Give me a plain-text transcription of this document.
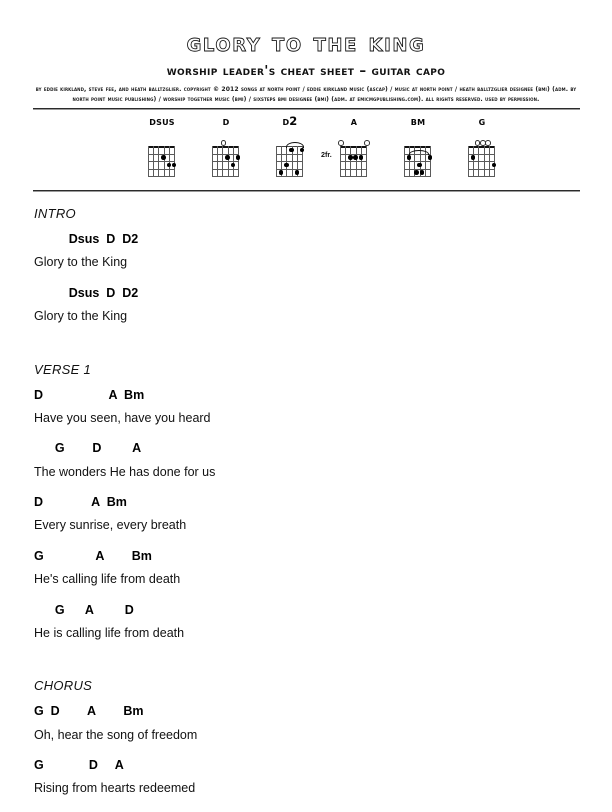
glory to the king
worship leader's cheat sheet – guitar capo
by eddie kirkland, steve fee, and heath balltzglier. copyright © 2012 songs at north point / eddie kirkland music (ascap) / music at north point / heath balltzglier designee (bmi) (adm. by north point music publishing) / worship together music (bmi) / sixsteps bmi designee (bmi) (adm. at emicmgpublishing.com). all rights reserved. used by permission.
dsus	d	d2
2fr.
a	bm	g
INTRO
Dsus  D  D2
Glory to the King
Dsus  D  D2
Glory to the King
VERSE 1
D                   A  Bm
Have you seen, have you heard
G        D         A
The wonders He has done for us
D              A  Bm
Every sunrise, every breath
G               A        Bm
He's calling life from death
G      A         D
He is calling life from death
CHORUS
G  D        A        Bm
Oh, hear the song of freedom
G             D     A
Rising from hearts redeemed
